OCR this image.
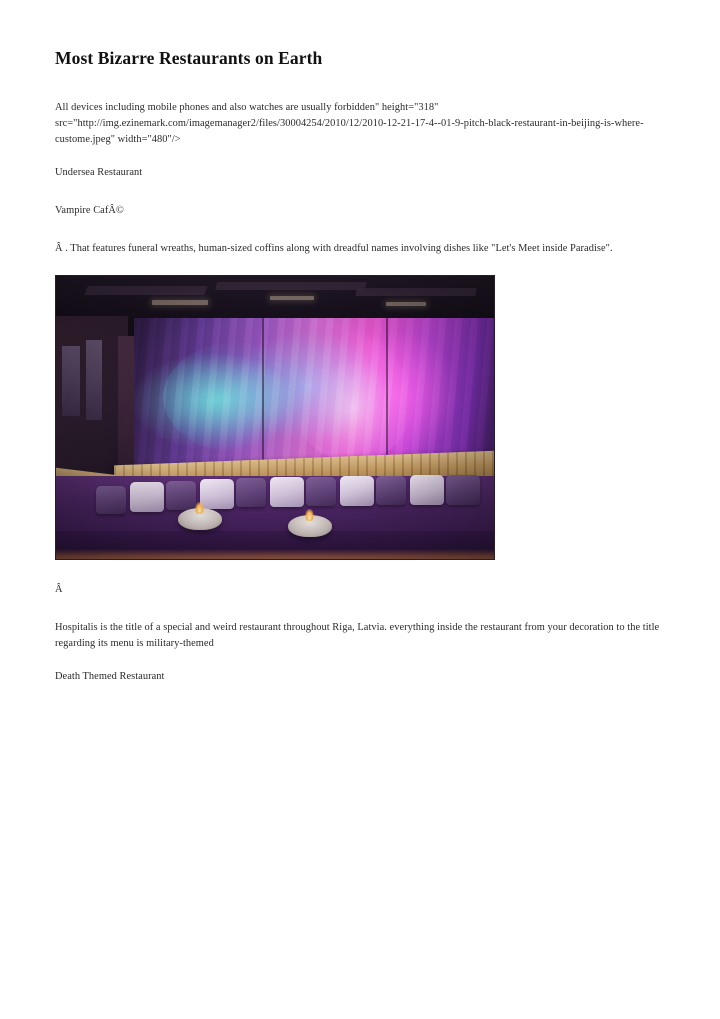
Most Bizarre Restaurants on Earth

All devices including mobile phones and also watches are usually forbidden" height="318" src="http://img.ezinemark.com/imagemanager2/files/30004254/2010/12/2010-12-21-17-4--01-9-pitch-black-restaurant-in-beijing-is-where-custome.jpeg" width="480"/>

Undersea Restaurant

Vampire CafÂ©

Â . That features funeral wreaths, human-sized coffins along with dreadful names involving dishes like "Let's Meet inside Paradise".

Â

Hospitalis is the title of a special and weird restaurant throughout Riga, Latvia. everything inside the restaurant from your decoration to the title regarding its menu is military-themed

Death Themed Restaurant
